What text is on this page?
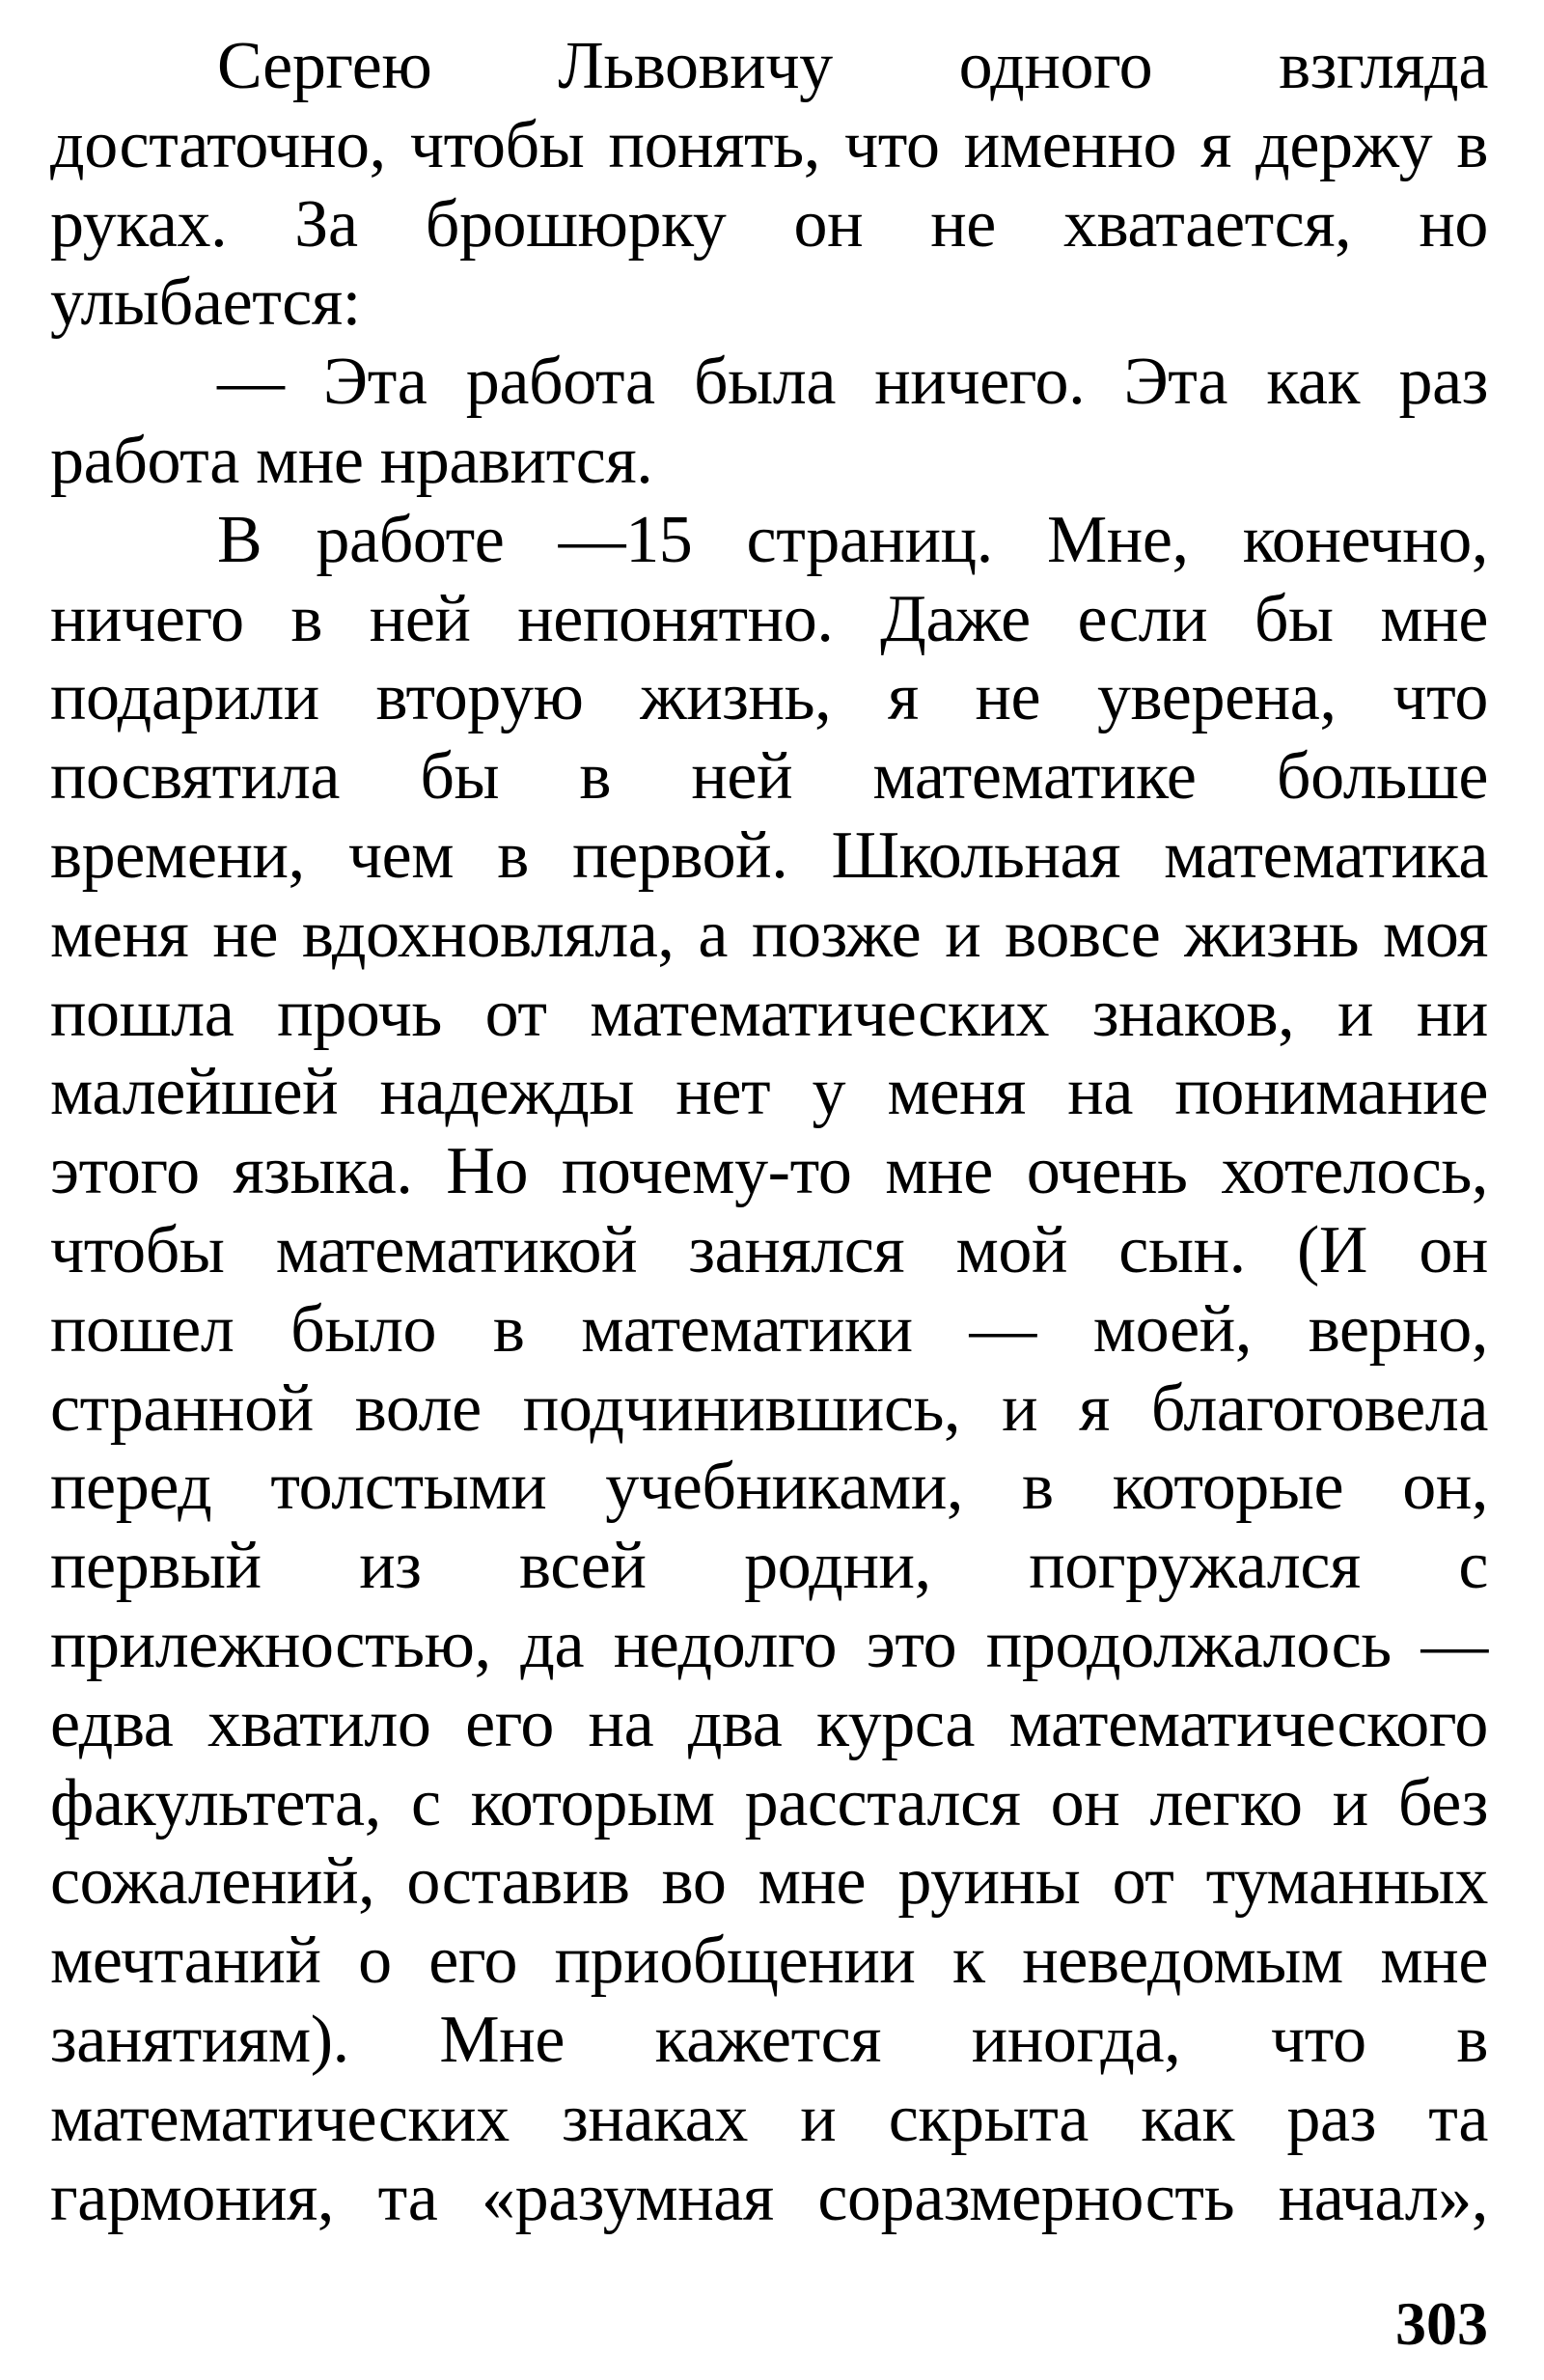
Сергею Львовичу одного взгляда
достаточно, чтобы понять, что именно я держу в
руках. За брошюрку он не хватается, но
улыбается:
— Эта работа была ничего. Эта как раз
работа мне нравится.
В работе —15 страниц. Мне, конечно,
ничего в ней непонятно. Даже если бы мне
подарили вторую жизнь, я не уверена, что
посвятила бы в ней математике больше
времени, чем в первой. Школьная математика
меня не вдохновляла, а позже и вовсе жизнь моя
пошла прочь от математических знаков, и ни
малейшей надежды нет у меня на понимание
этого языка. Но почему-то мне очень хотелось,
чтобы математикой занялся мой сын. (И он
пошел было в математики — моей, верно,
странной воле подчинившись, и я благоговела
перед толстыми учебниками, в которые он,
первый из всей родни, погружался с
прилежностью, да недолго это продолжалось —
едва хватило его на два курса математического
факультета, с которым расстался он легко и без
сожалений, оставив во мне руины от туманных
мечтаний о его приобщении к неведомым мне
занятиям). Мне кажется иногда, что в
математических знаках и скрыта как раз та
гармония, та «разумная соразмерность начал»,
303
